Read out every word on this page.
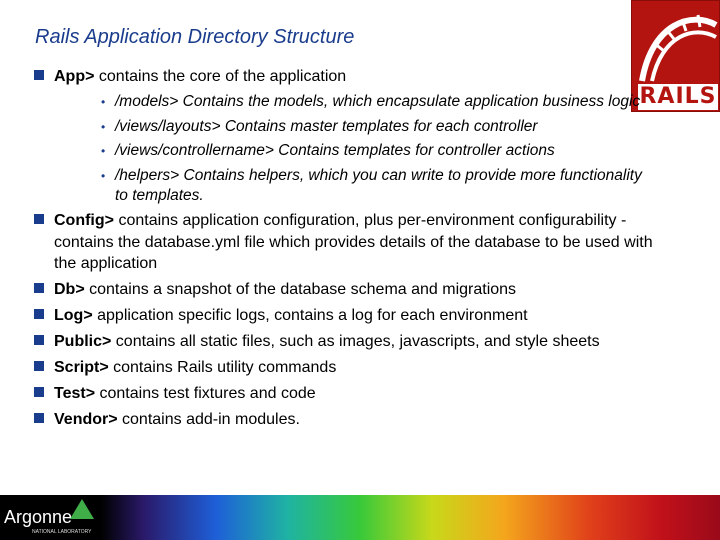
Rails Application Directory Structure
RAILS
App> contains the core of the application
• /models> Contains the models, which encapsulate application business logic
• /views/layouts> Contains master templates for each controller
• /views/controllername> Contains templates for controller actions
• /helpers> Contains helpers, which you can write to provide more functionality to templates.
Config> contains application configuration, plus per-environment configurability - contains the database.yml file which provides details of the database to be used with the application
Db> contains a snapshot of the database schema and migrations
Log> application specific logs, contains a log for each environment
Public> contains all static files, such as images, javascripts, and style sheets
Script> contains Rails utility commands
Test> contains test fixtures and code
Vendor> contains add-in modules.
Argonne
NATIONAL LABORATORY
11
